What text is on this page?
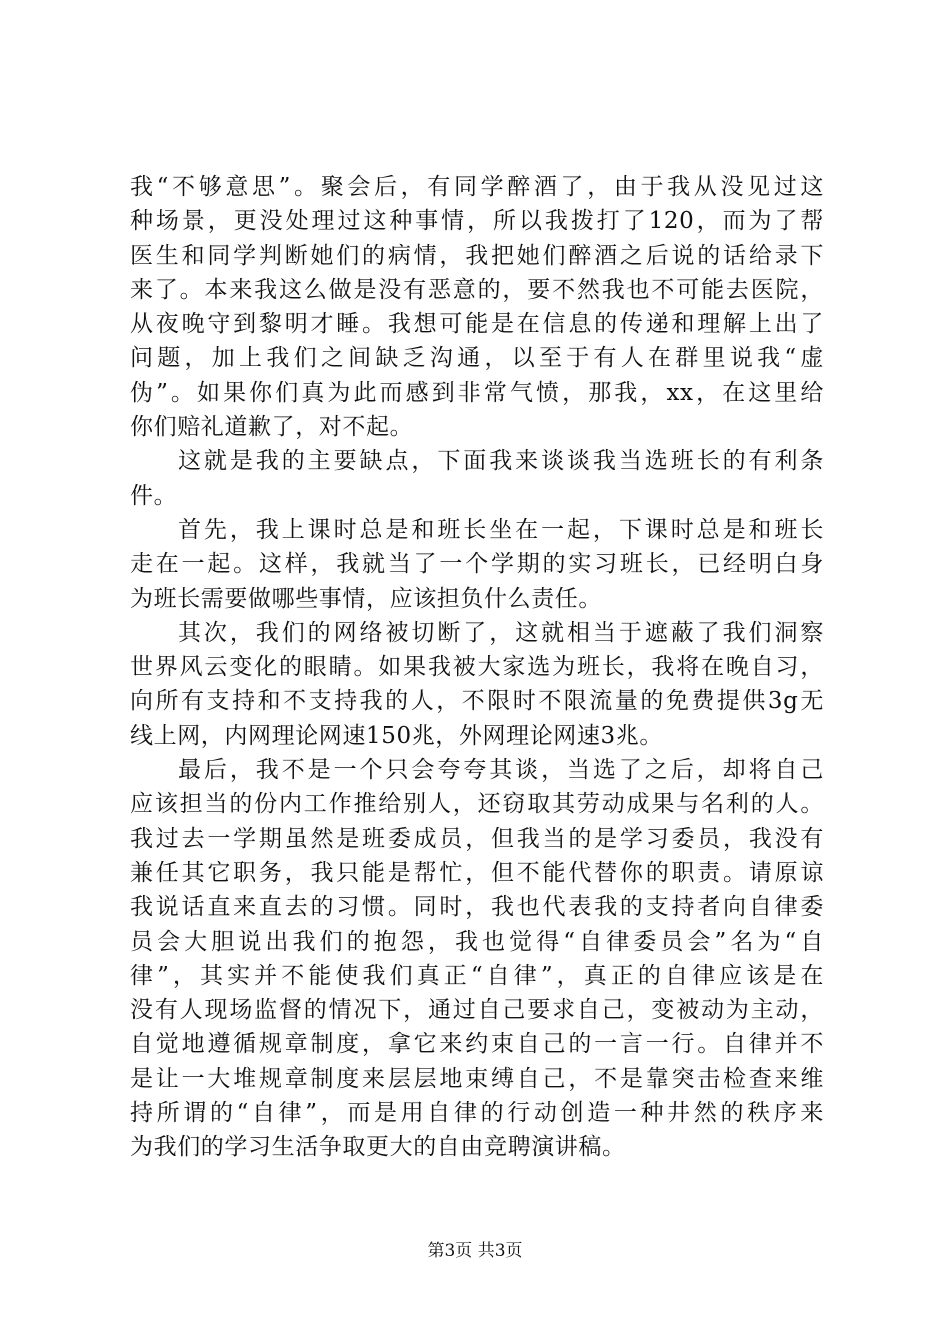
我“不够意思”。聚会后，有同学醉酒了，由于我从没见过这
种场景，更没处理过这种事情，所以我拨打了120，而为了帮
医生和同学判断她们的病情，我把她们醉酒之后说的话给录下
来了。本来我这么做是没有恶意的，要不然我也不可能去医院，
从夜晚守到黎明才睡。我想可能是在信息的传递和理解上出了
问题，加上我们之间缺乏沟通，以至于有人在群里说我“虚
伪”。如果你们真为此而感到非常气愤，那我，xx，在这里给
你们赔礼道歉了，对不起。
这就是我的主要缺点，下面我来谈谈我当选班长的有利条
件。
首先，我上课时总是和班长坐在一起，下课时总是和班长
走在一起。这样，我就当了一个学期的实习班长，已经明白身
为班长需要做哪些事情，应该担负什么责任。
其次，我们的网络被切断了，这就相当于遮蔽了我们洞察
世界风云变化的眼睛。如果我被大家选为班长，我将在晚自习，
向所有支持和不支持我的人，不限时不限流量的免费提供3g无
线上网，内网理论网速150兆，外网理论网速3兆。
最后，我不是一个只会夸夸其谈，当选了之后，却将自己
应该担当的份内工作推给别人，还窃取其劳动成果与名利的人。
我过去一学期虽然是班委成员，但我当的是学习委员，我没有
兼任其它职务，我只能是帮忙，但不能代替你的职责。请原谅
我说话直来直去的习惯。同时，我也代表我的支持者向自律委
员会大胆说出我们的抱怨，我也觉得“自律委员会”名为“自
律”，其实并不能使我们真正“自律”，真正的自律应该是在
没有人现场监督的情况下，通过自己要求自己，变被动为主动，
自觉地遵循规章制度，拿它来约束自己的一言一行。自律并不
是让一大堆规章制度来层层地束缚自己，不是靠突击检查来维
持所谓的“自律”，而是用自律的行动创造一种井然的秩序来
为我们的学习生活争取更大的自由竞聘演讲稿。
第3页 共3页
